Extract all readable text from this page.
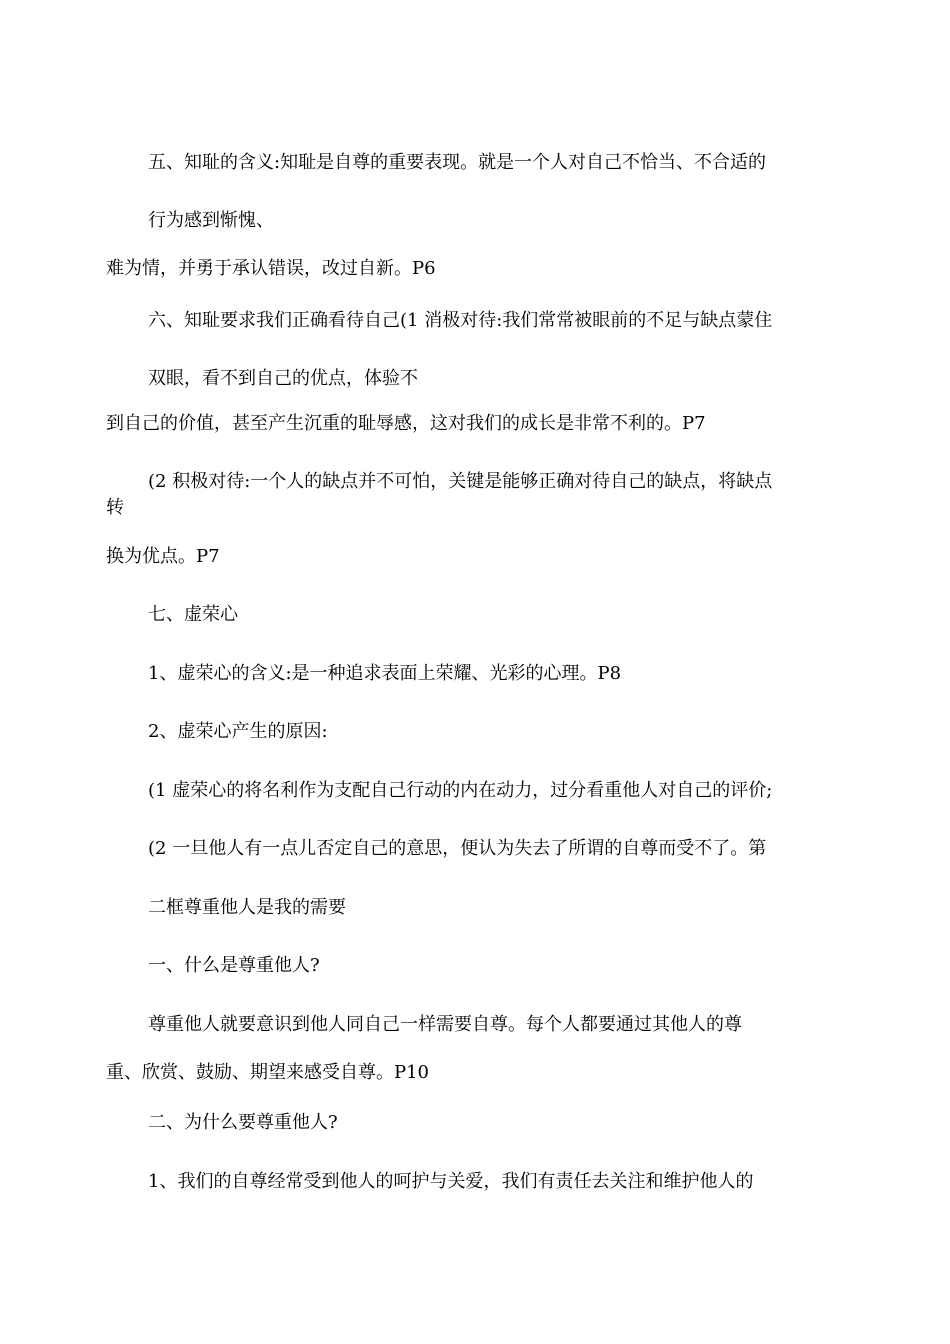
五、知耻的含义:知耻是自尊的重要表现。就是一个人对自己不恰当、不合适的
行为感到惭愧、
难为情，并勇于承认错误，改过自新。P6
六、知耻要求我们正确看待自己(1 消极对待:我们常常被眼前的不足与缺点蒙住
双眼，看不到自己的优点，体验不
到自己的价值，甚至产生沉重的耻辱感，这对我们的成长是非常不利的。P7
(2 积极对待:一个人的缺点并不可怕，关键是能够正确对待自己的缺点，将缺点
转
换为优点。P7
七、虚荣心
1、虚荣心的含义:是一种追求表面上荣耀、光彩的心理。P8
2、虚荣心产生的原因:
(1 虚荣心的将名利作为支配自己行动的内在动力，过分看重他人对自己的评价;
(2 一旦他人有一点儿否定自己的意思，便认为失去了所谓的自尊而受不了。第
二框尊重他人是我的需要
一、什么是尊重他人?
尊重他人就要意识到他人同自己一样需要自尊。每个人都要通过其他人的尊
重、欣赏、鼓励、期望来感受自尊。P10
二、为什么要尊重他人?
1、我们的自尊经常受到他人的呵护与关爱，我们有责任去关注和维护他人的
